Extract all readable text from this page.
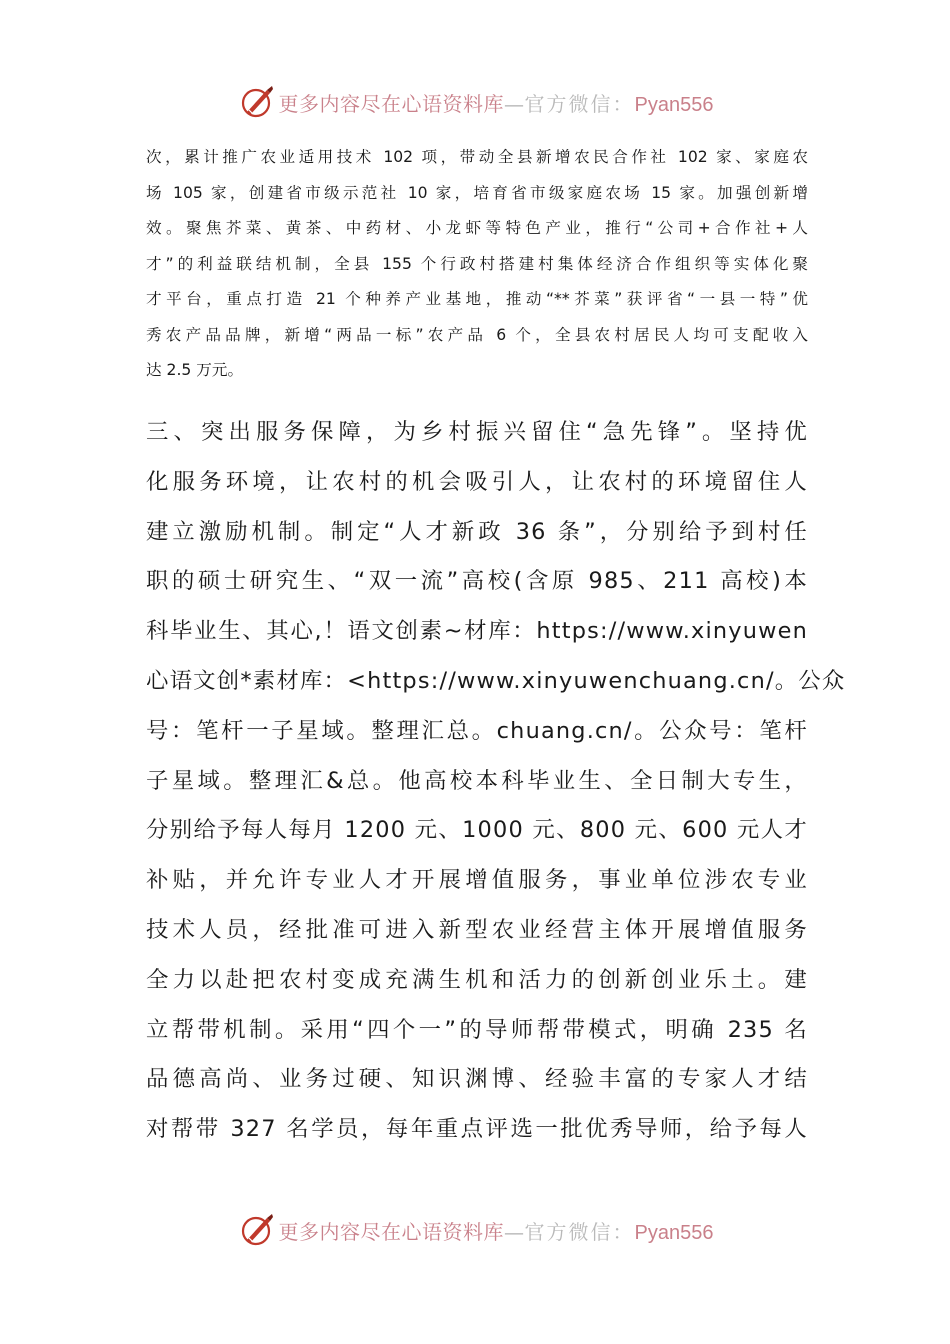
更多内容尽在心语资料库—官方微信：Pyan556
次，累计推广农业适用技术 102 项，带动全县新增农民合作社 102 家、家庭农
场 105 家，创建省市级示范社 10 家，培育省市级家庭农场 15 家。加强创新增
效。聚焦芥菜、黄茶、中药材、小龙虾等特色产业，推行“公司+合作社+人
才”的利益联结机制，全县 155 个行政村搭建村集体经济合作组织等实体化聚
才平台，重点打造 21 个种养产业基地，推动“**芥菜”获评省“一县一特”优
秀农产品品牌，新增“两品一标”农产品 6 个，全县农村居民人均可支配收入
达 2.5 万元。
三、突出服务保障，为乡村振兴留住“急先锋”。坚持优
化服务环境，让农村的机会吸引人，让农村的环境留住人
建立激励机制。制定“人才新政 36 条”，分别给予到村任
职的硕士研究生、“双一流”高校(含原 985、211 高校)本
科毕业生、其心,！语文创素~材库：https://www.xinyuwen
心语文创*素材库：<https://www.xinyuwenchuang.cn/。公众
号：笔杆一子星域。整理汇总。chuang.cn/。公众号：笔杆
子星域。整理汇&总。他高校本科毕业生、全日制大专生，
分别给予每人每月 1200 元、1000 元、800 元、600 元人才
补贴，并允许专业人才开展增值服务，事业单位涉农专业
技术人员，经批准可进入新型农业经营主体开展增值服务
全力以赴把农村变成充满生机和活力的创新创业乐土。建
立帮带机制。采用“四个一”的导师帮带模式，明确 235 名
品德高尚、业务过硬、知识渊博、经验丰富的专家人才结
对帮带 327 名学员，每年重点评选一批优秀导师，给予每人
更多内容尽在心语资料库—官方微信：Pyan556
